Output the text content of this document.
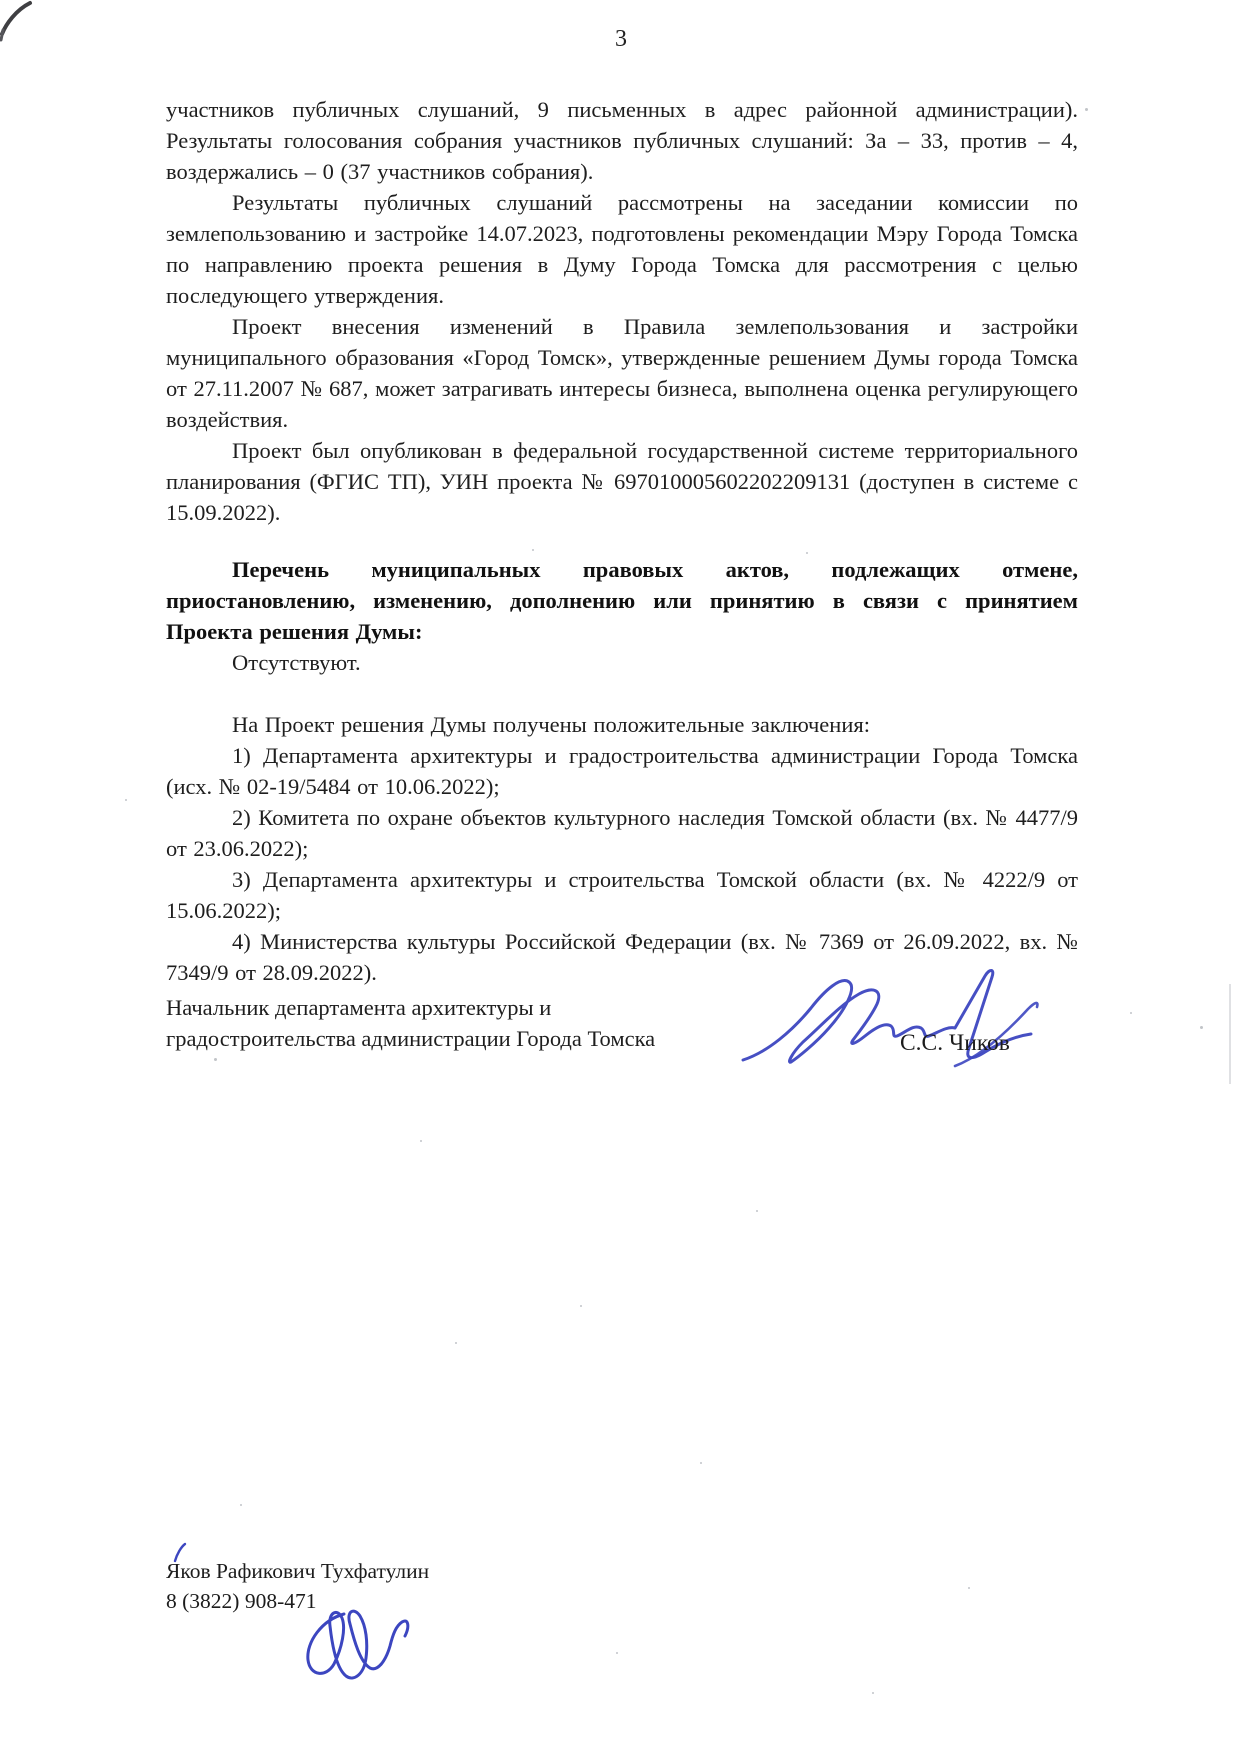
3

участников публичных слушаний, 9 письменных в адрес районной администрации). Результаты голосования собрания участников публичных слушаний: За – 33, против – 4, воздержались – 0 (37 участников собрания).

Результаты публичных слушаний рассмотрены на заседании комиссии по землепользованию и застройке 14.07.2023, подготовлены рекомендации Мэру Города Томска по направлению проекта решения в Думу Города Томска для рассмотрения с целью последующего утверждения.

Проект внесения изменений в Правила землепользования и застройки муниципального образования «Город Томск», утвержденные решением Думы города Томска от 27.11.2007 № 687, может затрагивать интересы бизнеса, выполнена оценка регулирующего воздействия.

Проект был опубликован в федеральной государственной системе территориального планирования (ФГИС ТП), УИН проекта № 697010005602202209131 (доступен в системе с 15.09.2022).

Перечень муниципальных правовых актов, подлежащих отмене, приостановлению, изменению, дополнению или принятию в связи с принятием Проекта решения Думы:

Отсутствуют.

На Проект решения Думы получены положительные заключения:

1) Департамента архитектуры и градостроительства администрации Города Томска (исх. № 02-19/5484 от 10.06.2022);

2) Комитета по охране объектов культурного наследия Томской области (вх. № 4477/9 от 23.06.2022);

3) Департамента архитектуры и строительства Томской области (вх. № 4222/9 от 15.06.2022);

4) Министерства культуры Российской Федерации (вх. № 7369 от 26.09.2022, вх. № 7349/9 от 28.09.2022).

Начальник департамента архитектуры и
градостроительства администрации Города Томска	С.С. Чиков
Яков Рафикович Тухфатулин
8 (3822) 908-471
